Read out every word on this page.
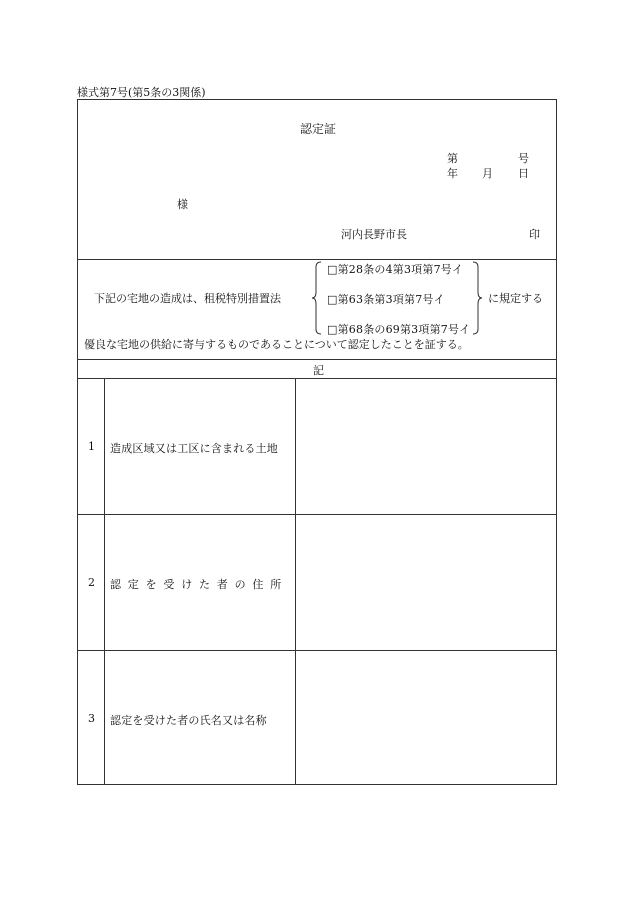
様式第7号(第5条の3関係)
認定証
第	号
年 月 日
様
河内長野市長	印
下記の宅地の造成は、租税特別措置法
□第28条の4第3項第7号イ
□第63条第3項第7号イ
□第68条の69第3項第7号イ
に規定する
優良な宅地の供給に寄与するものであることについて認定したことを証する。
記
1 造成区域又は工区に含まれる土地
2 認定を受けた者の住所
3 認定を受けた者の氏名又は名称
